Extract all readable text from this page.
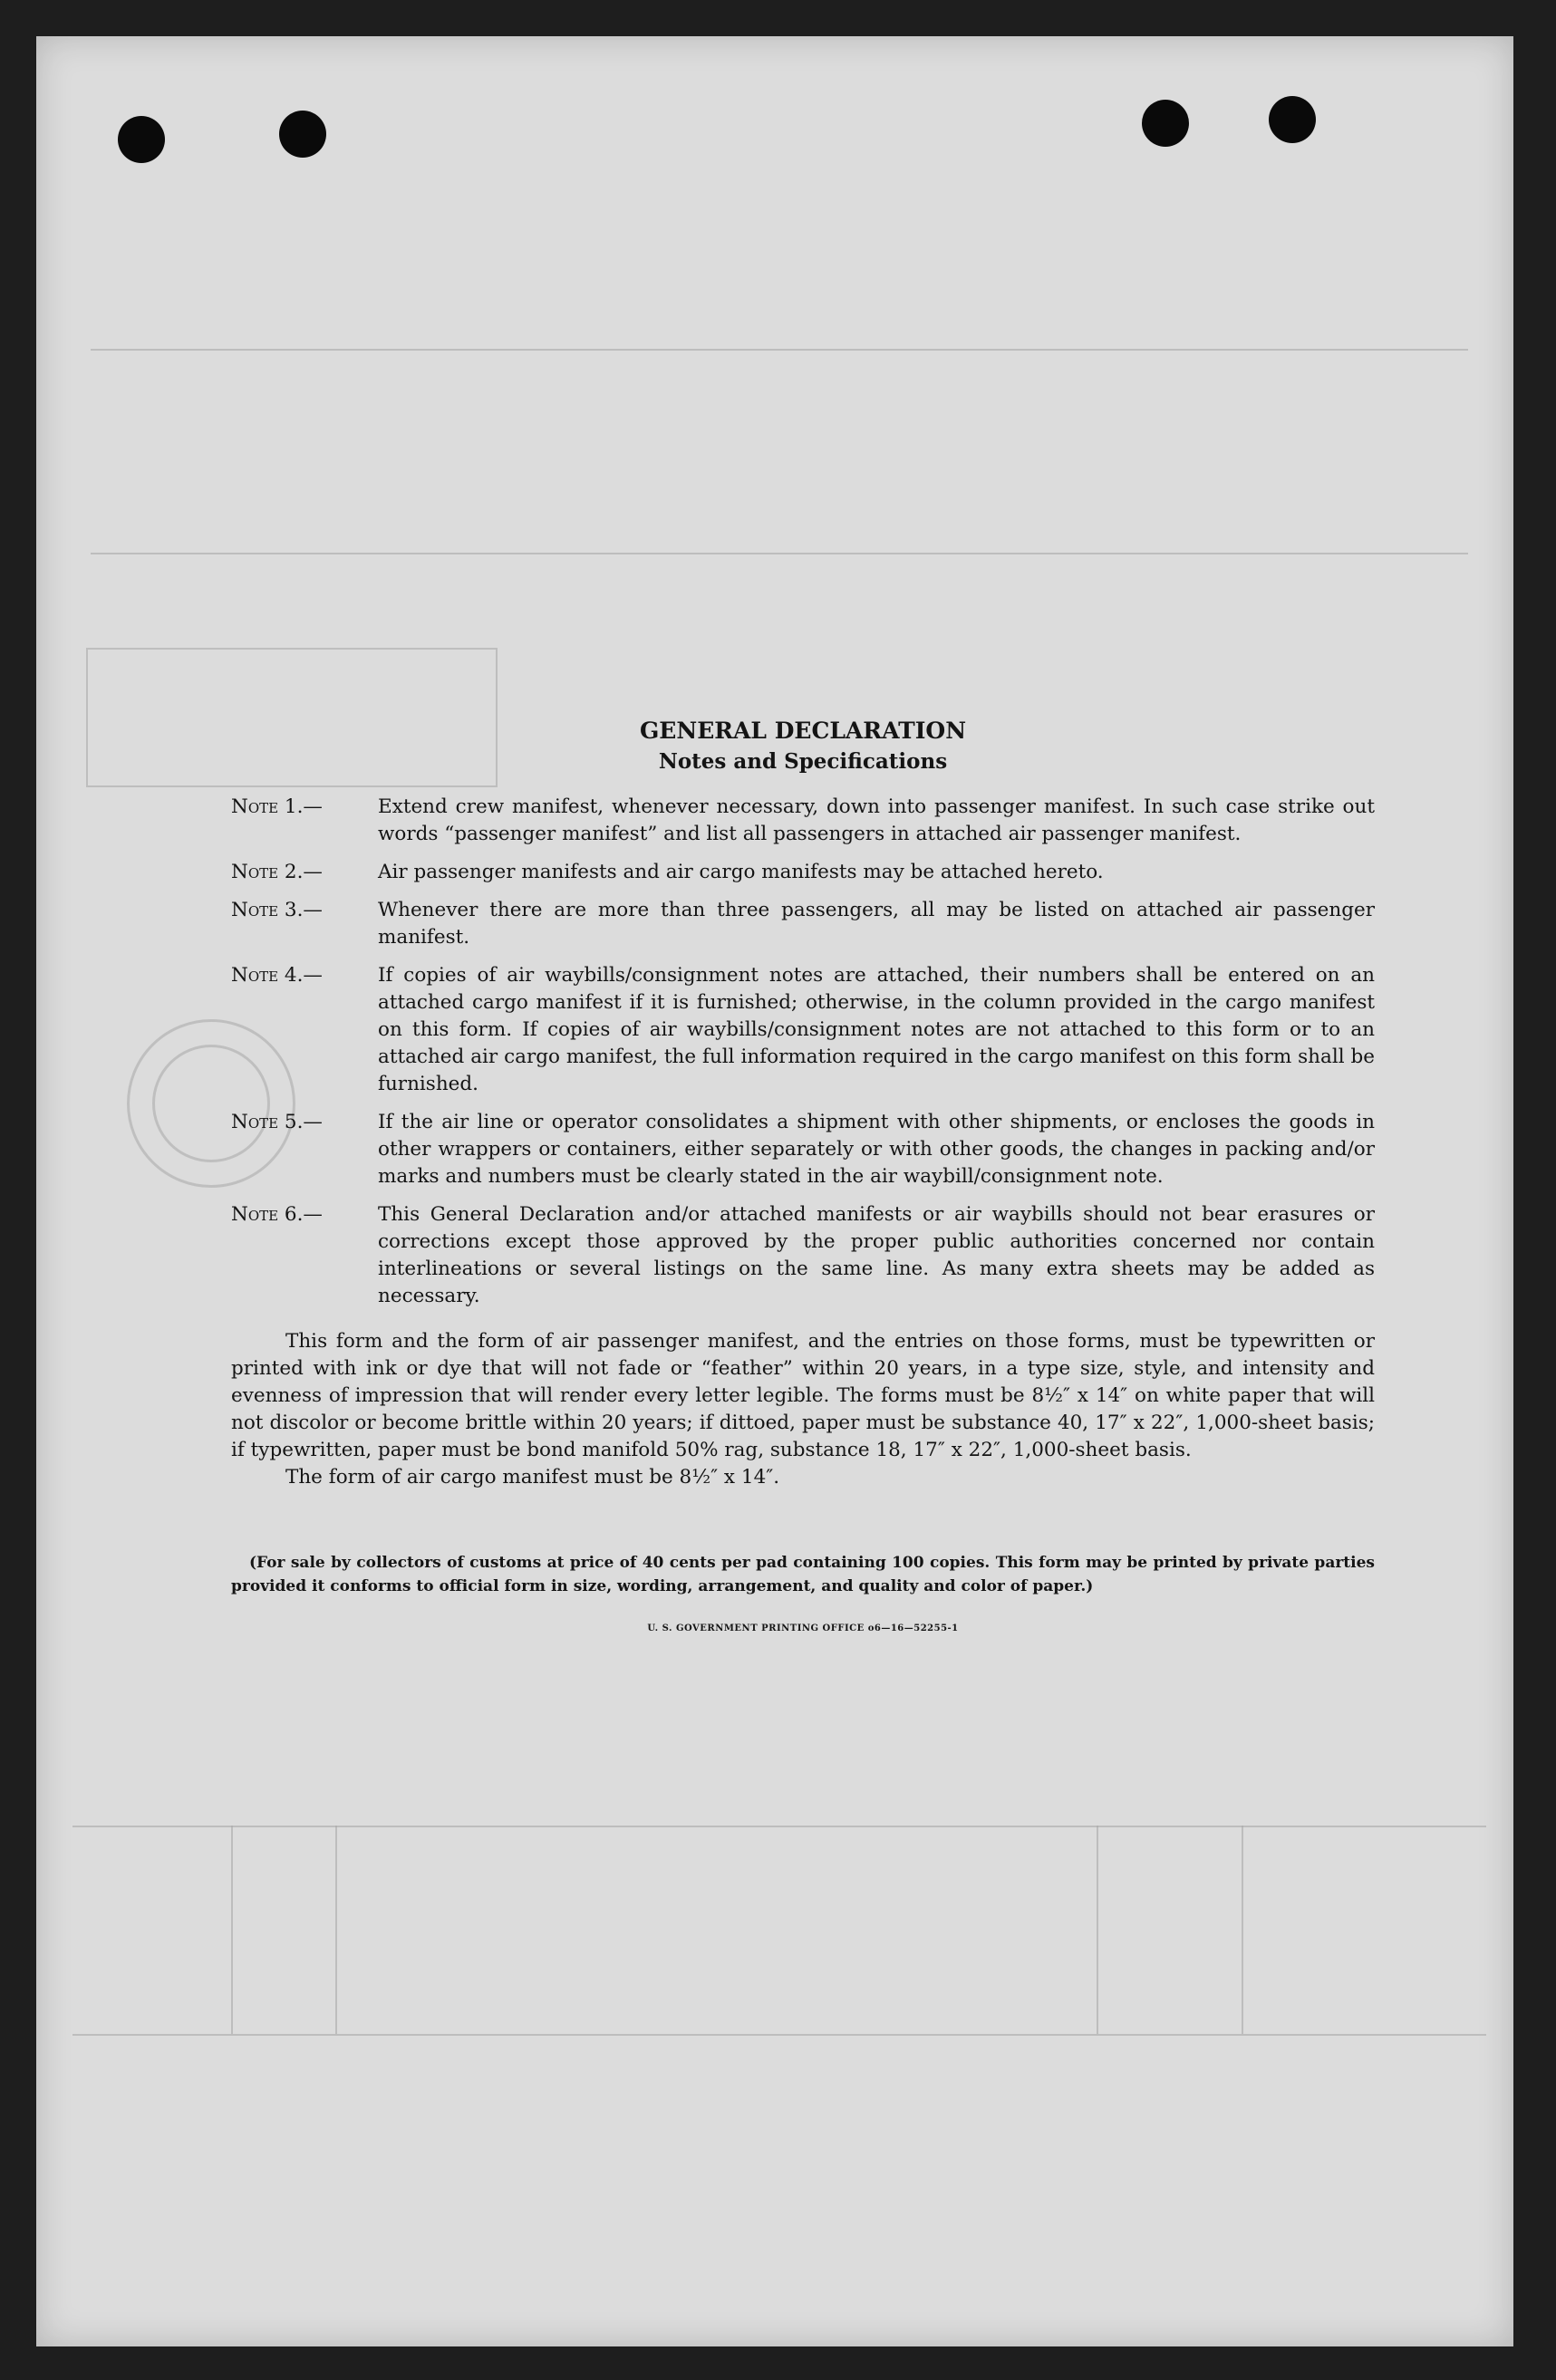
GENERAL DECLARATION
Notes and Specifications
Note 1.—	Extend crew manifest, whenever necessary, down into passenger manifest. In such case strike out words “passenger manifest” and list all passengers in attached air passenger manifest.
Note 2.—	Air passenger manifests and air cargo manifests may be attached hereto.
Note 3.—	Whenever there are more than three passengers, all may be listed on attached air passenger manifest.
Note 4.—	If copies of air waybills/consignment notes are attached, their numbers shall be entered on an attached cargo manifest if it is furnished; otherwise, in the column provided in the cargo manifest on this form. If copies of air waybills/consignment notes are not attached to this form or to an attached air cargo manifest, the full information required in the cargo manifest on this form shall be furnished.
Note 5.—	If the air line or operator consolidates a shipment with other shipments, or encloses the goods in other wrappers or containers, either separately or with other goods, the changes in packing and/or marks and numbers must be clearly stated in the air waybill/consignment note.
Note 6.—	This General Declaration and/or attached manifests or air waybills should not bear erasures or corrections except those approved by the proper public authorities concerned nor contain interlineations or several listings on the same line. As many extra sheets may be added as necessary.

This form and the form of air passenger manifest, and the entries on those forms, must be typewritten or printed with ink or dye that will not fade or “feather” within 20 years, in a type size, style, and intensity and evenness of impression that will render every letter legible. The forms must be 8½″ x 14″ on white paper that will not discolor or become brittle within 20 years; if dittoed, paper must be substance 40, 17″ x 22″, 1,000-sheet basis; if typewritten, paper must be bond manifold 50% rag, substance 18, 17″ x 22″, 1,000-sheet basis.

The form of air cargo manifest must be 8½″ x 14″.

(For sale by collectors of customs at price of 40 cents per pad containing 100 copies. This form may be printed by private parties provided it conforms to official form in size, wording, arrangement, and quality and color of paper.)

U. S. GOVERNMENT PRINTING OFFICE o6—16—52255-1
